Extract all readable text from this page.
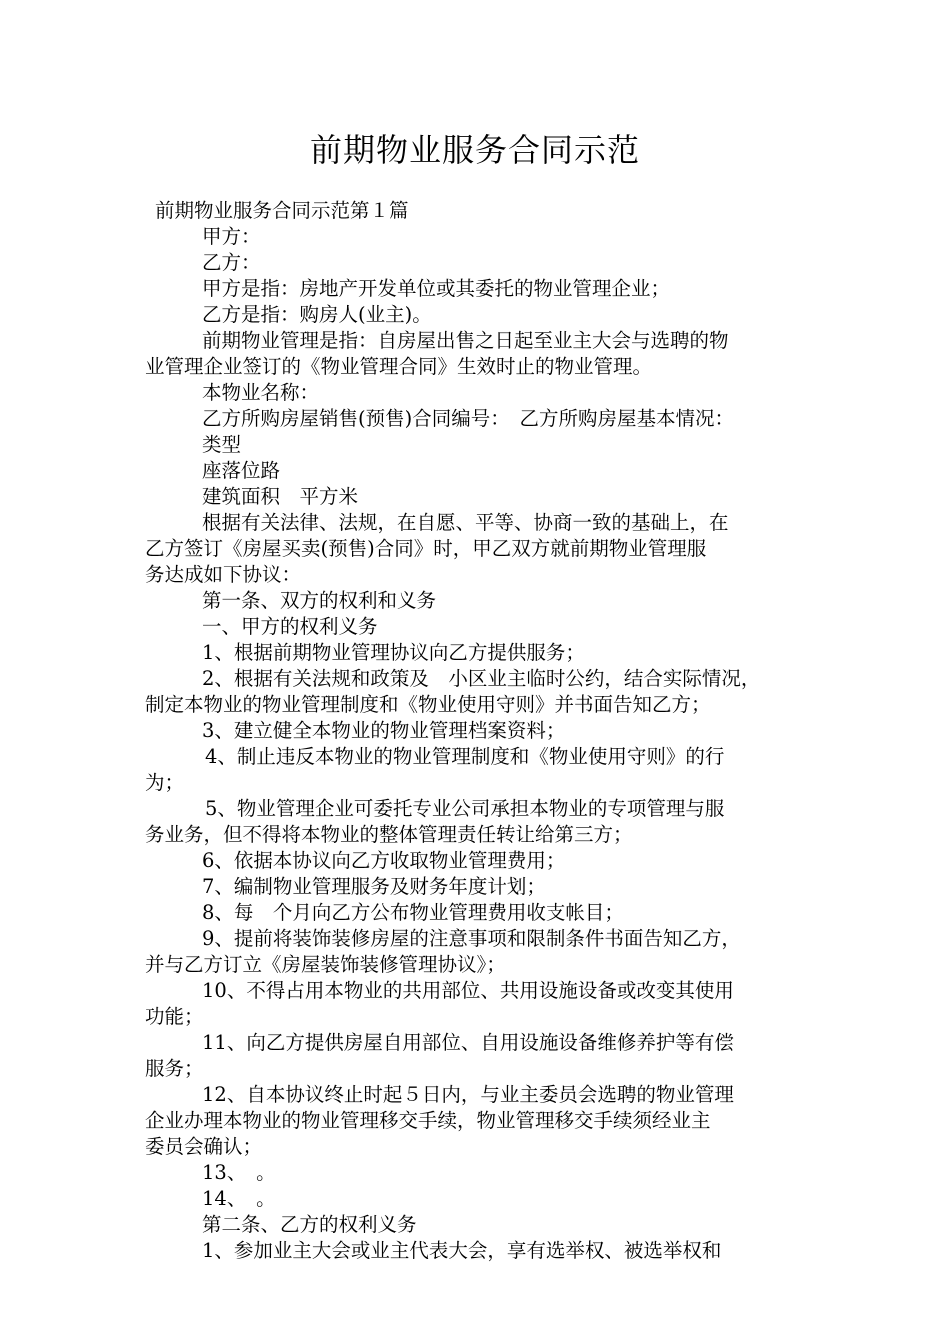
前期物业服务合同示范
前期物业服务合同示范第１篇
甲方：
乙方：
甲方是指：房地产开发单位或其委托的物业管理企业；
乙方是指：购房人(业主)。
前期物业管理是指：自房屋出售之日起至业主大会与选聘的物
业管理企业签订的《物业管理合同》生效时止的物业管理。
本物业名称：
乙方所购房屋销售(预售)合同编号：　乙方所购房屋基本情况：
类型
座落位路
建筑面积　平方米
根据有关法律、法规，在自愿、平等、协商一致的基础上，在
乙方签订《房屋买卖(预售)合同》时，甲乙双方就前期物业管理服
务达成如下协议：
第一条、双方的权利和义务
一、甲方的权利义务
1、根据前期物业管理协议向乙方提供服务；
2、根据有关法规和政策及　小区业主临时公约，结合实际情况，
制定本物业的物业管理制度和《物业使用守则》并书面告知乙方；
3、建立健全本物业的物业管理档案资料；
4、制止违反本物业的物业管理制度和《物业使用守则》的行
为；
5、物业管理企业可委托专业公司承担本物业的专项管理与服
务业务，但不得将本物业的整体管理责任转让给第三方；
6、依据本协议向乙方收取物业管理费用；
7、编制物业管理服务及财务年度计划；
8、每　个月向乙方公布物业管理费用收支帐目；
9、提前将装饰装修房屋的注意事项和限制条件书面告知乙方，
并与乙方订立《房屋装饰装修管理协议》；
10、不得占用本物业的共用部位、共用设施设备或改变其使用
功能；
11、向乙方提供房屋自用部位、自用设施设备维修养护等有偿
服务；
12、自本协议终止时起５日内，与业主委员会选聘的物业管理
企业办理本物业的物业管理移交手续，物业管理移交手续须经业主
委员会确认；
13、　。
14、　。
第二条、乙方的权利义务
1、参加业主大会或业主代表大会，享有选举权、被选举权和
